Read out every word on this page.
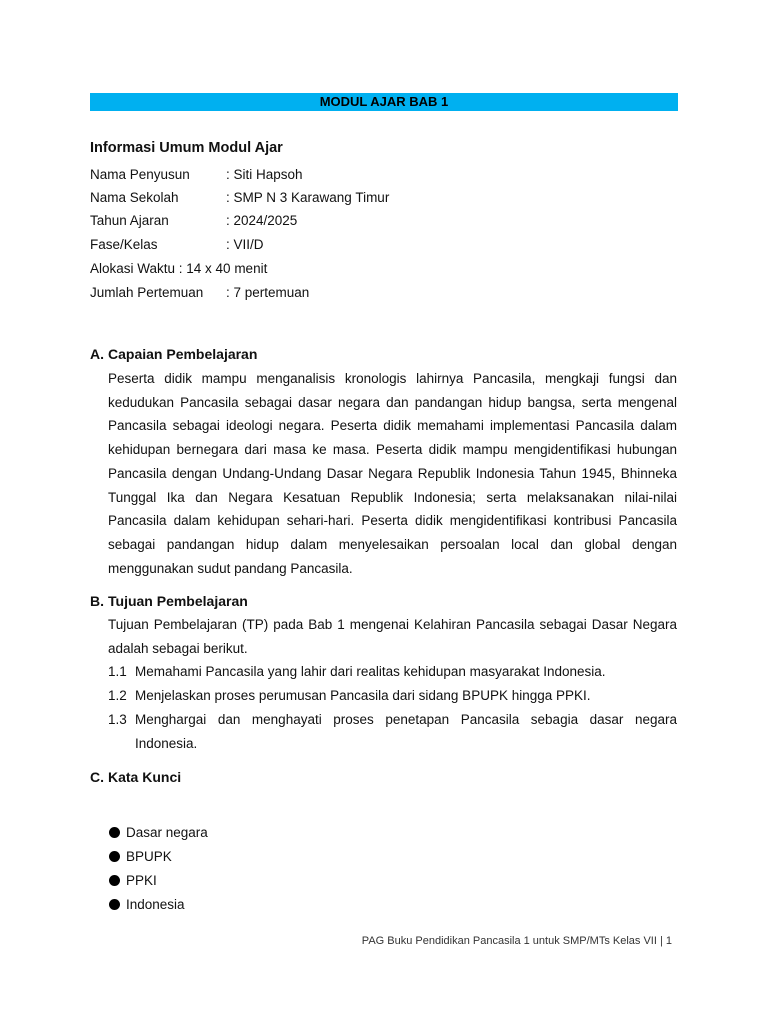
MODUL AJAR BAB 1
Informasi Umum Modul Ajar
Nama Penyusun	: Siti Hapsoh
Nama Sekolah	: SMP N 3 Karawang Timur
Tahun Ajaran	: 2024/2025
Fase/Kelas	: VII/D
Alokasi Waktu : 14 x 40 menit
Jumlah Pertemuan : 7 pertemuan
A. Capaian Pembelajaran

Peserta didik mampu menganalisis kronologis lahirnya Pancasila, mengkaji fungsi dan kedudukan Pancasila sebagai dasar negara dan pandangan hidup bangsa, serta mengenal Pancasila sebagai ideologi negara. Peserta didik memahami implementasi Pancasila dalam kehidupan bernegara dari masa ke masa. Peserta didik mampu mengidentifikasi hubungan Pancasila dengan Undang-Undang Dasar Negara Republik Indonesia Tahun 1945, Bhinneka Tunggal Ika dan Negara Kesatuan Republik Indonesia; serta melaksanakan nilai-nilai Pancasila dalam kehidupan sehari-hari. Peserta didik mengidentifikasi kontribusi Pancasila sebagai pandangan hidup dalam menyelesaikan persoalan local dan global dengan menggunakan sudut pandang Pancasila.

B. Tujuan Pembelajaran

Tujuan Pembelajaran (TP) pada Bab 1 mengenai Kelahiran Pancasila sebagai Dasar Negara adalah sebagai berikut.

1.1 Memahami Pancasila yang lahir dari realitas kehidupan masyarakat Indonesia.
1.2 Menjelaskan proses perumusan Pancasila dari sidang BPUPK hingga PPKI.
1.3 Menghargai dan menghayati proses penetapan Pancasila sebagia dasar negara Indonesia.
C. Kata Kunci
Dasar negara
BPUPK
PPKI
Indonesia
PAG Buku Pendidikan Pancasila 1 untuk SMP/MTs Kelas VII | 1
